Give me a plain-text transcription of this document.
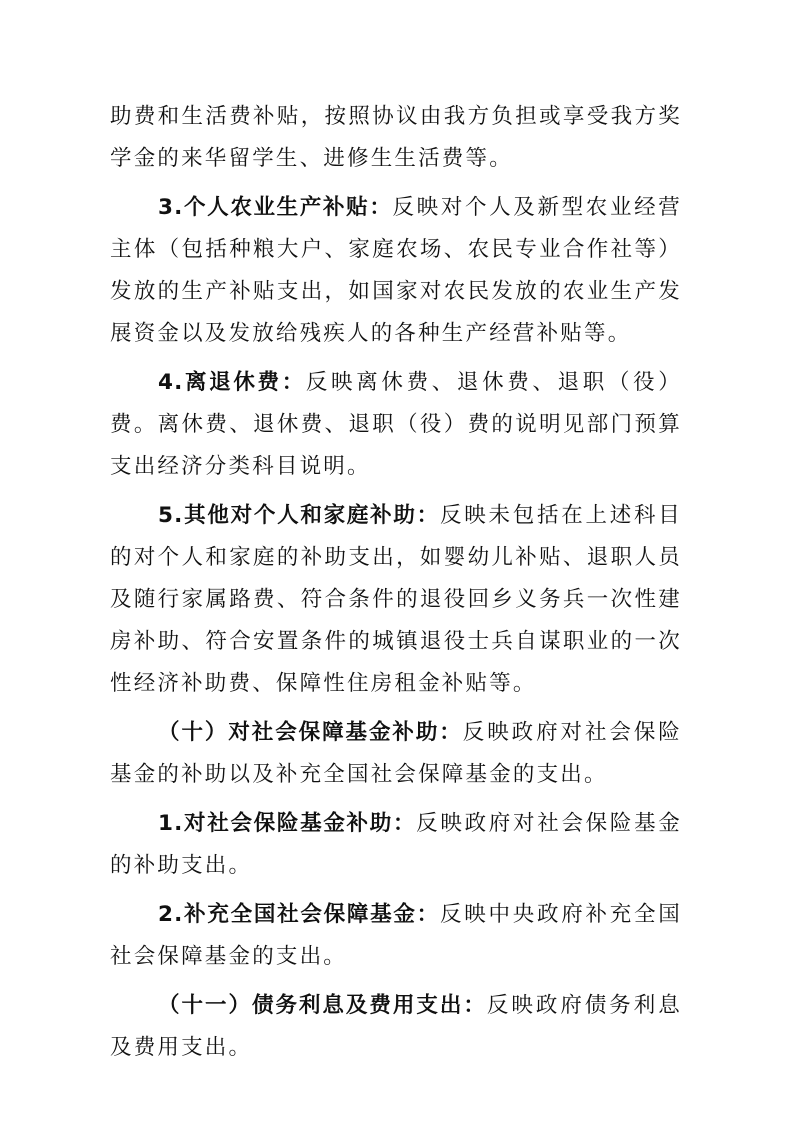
助费和生活费补贴，按照协议由我方负担或享受我方奖学金的来华留学生、进修生生活费等。

3.个人农业生产补贴：反映对个人及新型农业经营主体（包括种粮大户、家庭农场、农民专业合作社等）发放的生产补贴支出，如国家对农民发放的农业生产发展资金以及发放给残疾人的各种生产经营补贴等。

4.离退休费：反映离休费、退休费、退职（役）费。离休费、退休费、退职（役）费的说明见部门预算支出经济分类科目说明。

5.其他对个人和家庭补助：反映未包括在上述科目的对个人和家庭的补助支出，如婴幼儿补贴、退职人员及随行家属路费、符合条件的退役回乡义务兵一次性建房补助、符合安置条件的城镇退役士兵自谋职业的一次性经济补助费、保障性住房租金补贴等。

（十）对社会保障基金补助：反映政府对社会保险基金的补助以及补充全国社会保障基金的支出。

1.对社会保险基金补助：反映政府对社会保险基金的补助支出。

2.补充全国社会保障基金：反映中央政府补充全国社会保障基金的支出。

（十一）债务利息及费用支出：反映政府债务利息及费用支出。
